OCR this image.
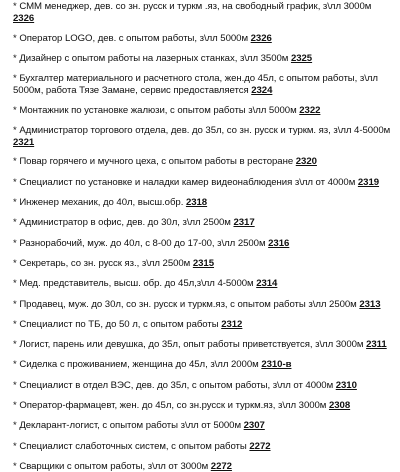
* СММ менеджер, дев. со зн. русск и туркм .яз, на свободный график, з\лл 3000м 2326
* Оператор LOGO, дев. с опытом работы, з\лл 5000м 2326
* Дизайнер с опытом работы на лазерных станках, з\лл 3500м 2325
* Бухгалтер материального и расчетного стола, жен.до 45л, с опытом работы, з\лл 5000м, работа Тязе Замане, сервис предоставляется 2324
* Монтажник по установке жалюзи, с опытом работы з\лл 5000м 2322
* Администратор торгового отдела, дев. до 35л, со зн. русск и туркм. яз, з\лл 4-5000м 2321
* Повар горячего и мучного цеха, с опытом работы в ресторане 2320
* Специалист по установке и наладки камер видеонаблюдения з\лл от 4000м 2319
* Инженер механик, до 40л, высш.обр. 2318
* Администратор в офис, дев. до 30л, з\лл 2500м 2317
* Разнорабочий, муж. до 40л, с 8-00 до 17-00, з\лл 2500м 2316
* Секретарь, со зн. русск яз., з\лл 2500м 2315
* Мед. представитель, высш. обр. до 45л,з\лл 4-5000м 2314
* Продавец, муж. до 30л, со зн. русск и туркм.яз, с опытом работы з\лл 2500м 2313
* Специалист по ТБ, до 50 л, с опытом работы 2312
* Логист, парень или девушка, до 35л, опыт работы приветствуется, з\лл 3000м 2311
* Сиделка с проживанием, женщина до 45л, з\лл 2000м 2310-в
* Специалист в отдел ВЭС, дев. до 35л, с опытом работы, з\лл от 4000м 2310
* Оператор-фармацевт, жен. до 45л, со зн.русск и туркм.яз, з\лл 3000м 2308
* Декларант-логист, с опытом работы з\лл от 5000м 2307
* Специалист слаботочных систем, с опытом работы 2272
* Сварщики с опытом работы, з\лл от 3000м 2272
